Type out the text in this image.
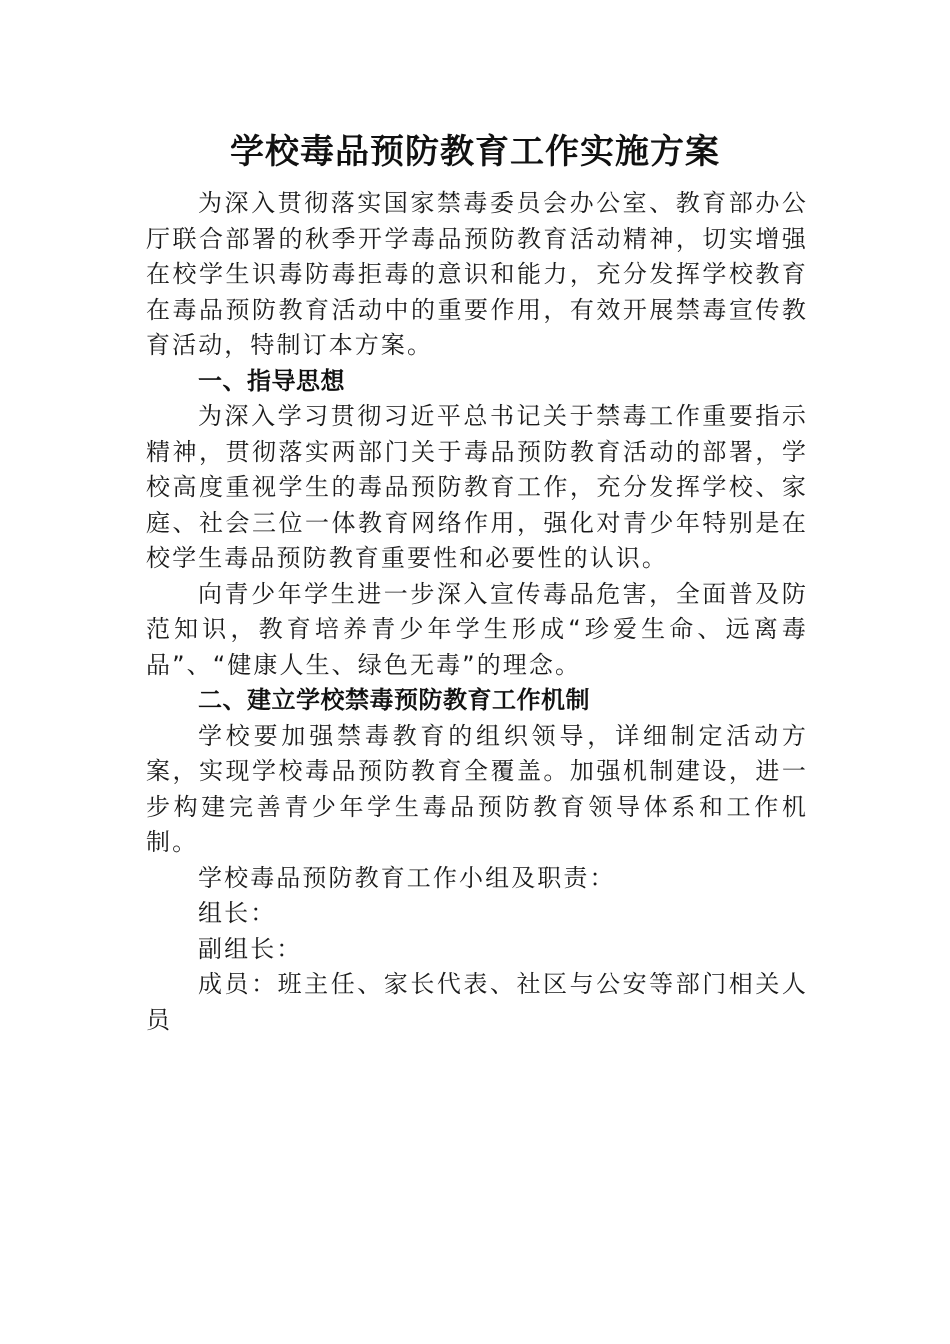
学校毒品预防教育工作实施方案

为深入贯彻落实国家禁毒委员会办公室、教育部办公厅联合部署的秋季开学毒品预防教育活动精神，切实增强在校学生识毒防毒拒毒的意识和能力，充分发挥学校教育在毒品预防教育活动中的重要作用，有效开展禁毒宣传教育活动，特制订本方案。

一、指导思想

为深入学习贯彻习近平总书记关于禁毒工作重要指示精神，贯彻落实两部门关于毒品预防教育活动的部署，学校高度重视学生的毒品预防教育工作，充分发挥学校、家庭、社会三位一体教育网络作用，强化对青少年特别是在校学生毒品预防教育重要性和必要性的认识。

向青少年学生进一步深入宣传毒品危害，全面普及防范知识，教育培养青少年学生形成“珍爱生命、远离毒品”、“健康人生、绿色无毒”的理念。

二、建立学校禁毒预防教育工作机制

学校要加强禁毒教育的组织领导，详细制定活动方案，实现学校毒品预防教育全覆盖。加强机制建设，进一步构建完善青少年学生毒品预防教育领导体系和工作机制。

学校毒品预防教育工作小组及职责：

组长：

副组长：

成员：班主任、家长代表、社区与公安等部门相关人员
